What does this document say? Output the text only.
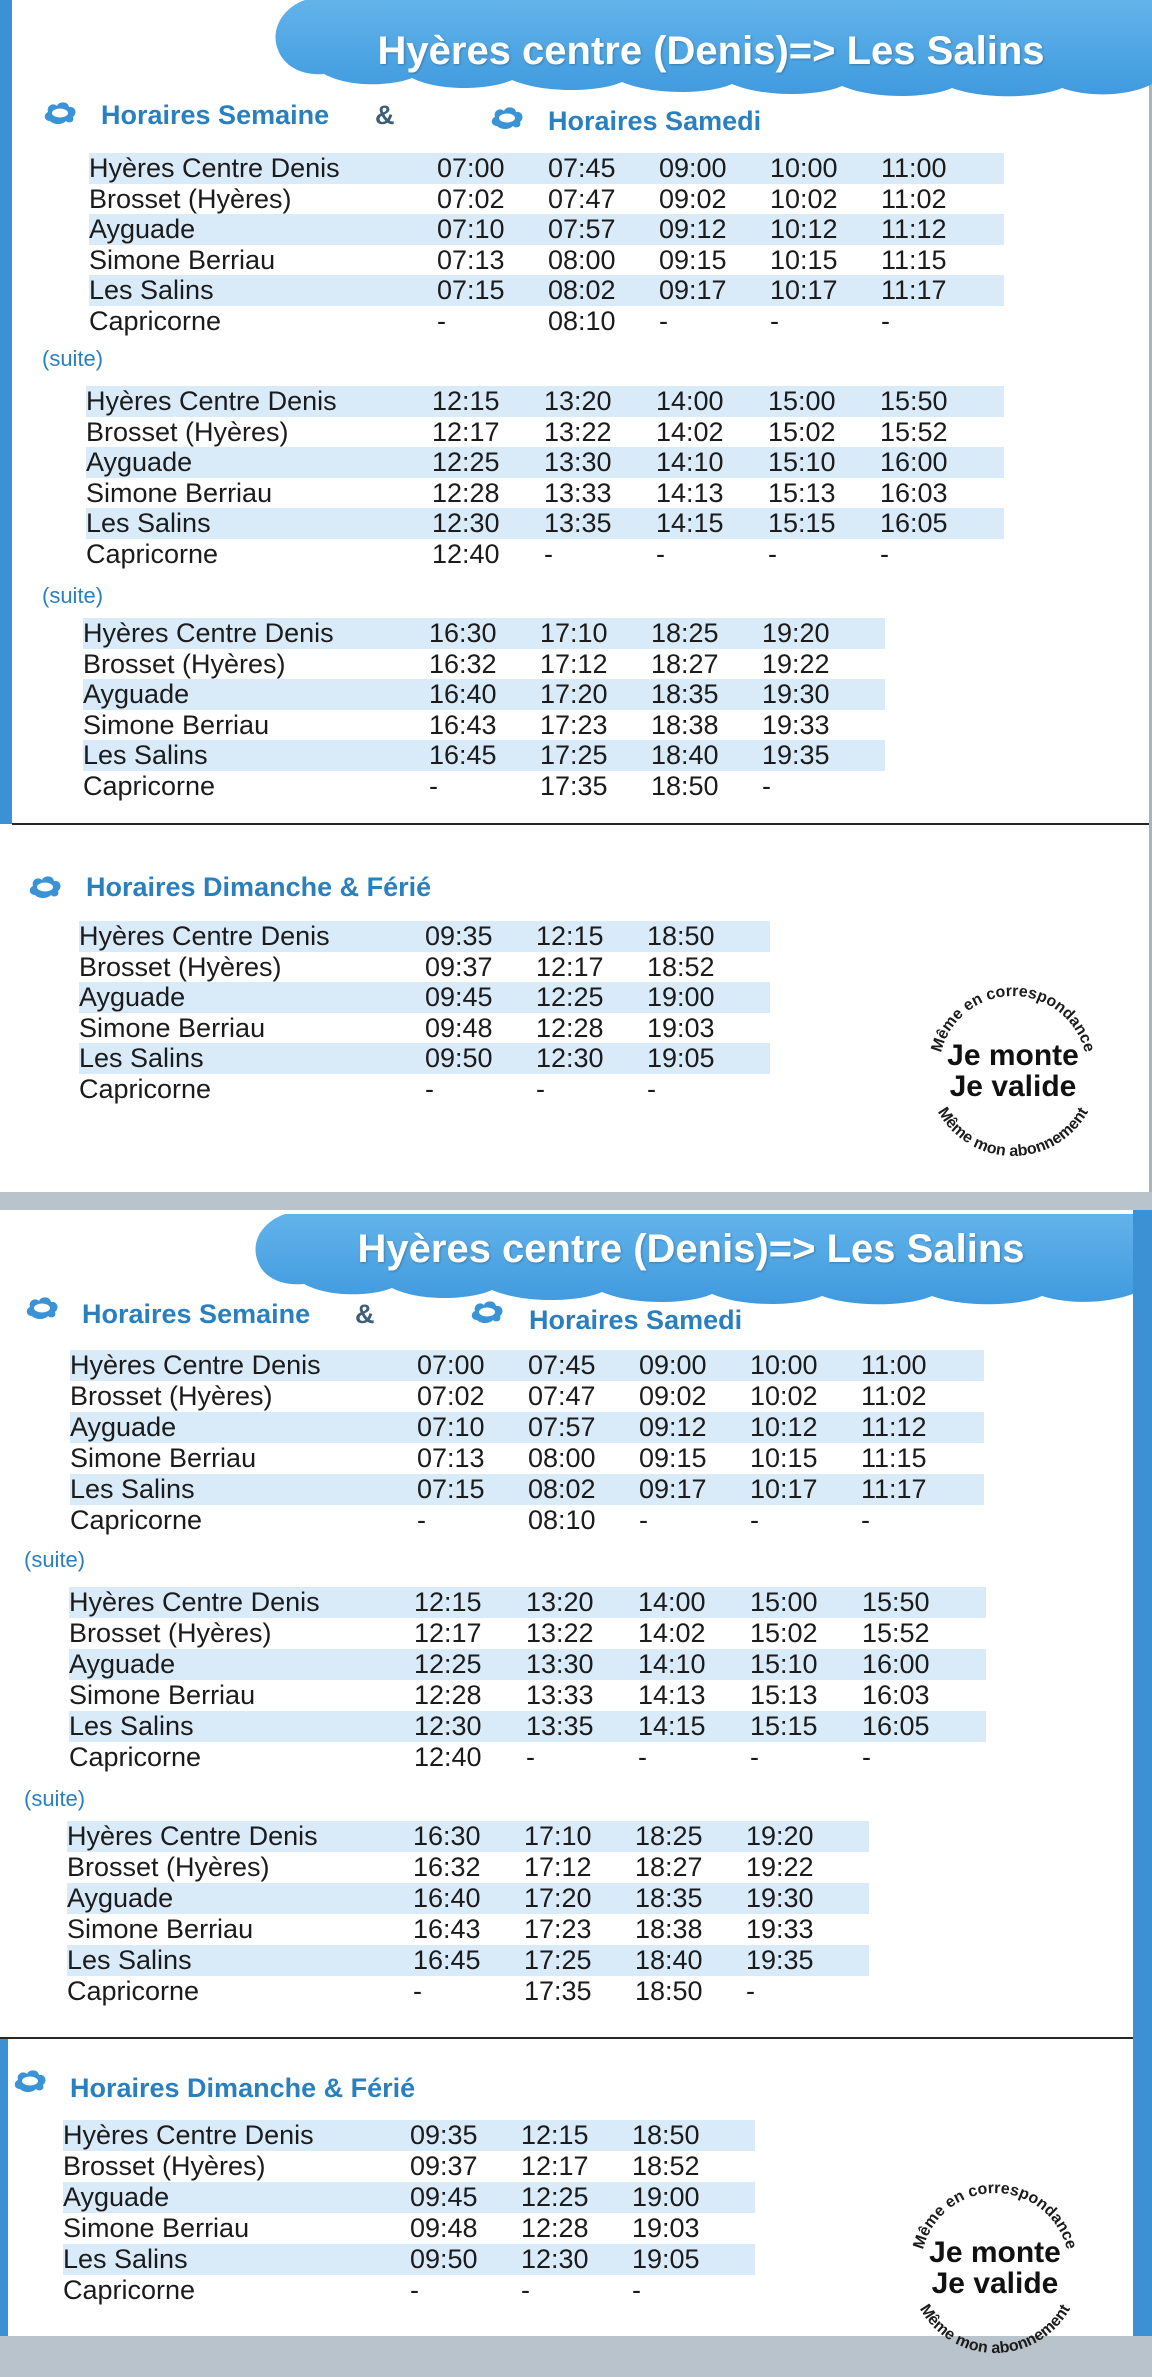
Hyères centre (Denis)=> Les Salins
Horaires Semaine &	Horaires Samedi
Hyères Centre Denis	07:00	07:45	09:00	10:00	11:00
Brosset (Hyères)	07:02	07:47	09:02	10:02	11:02
Ayguade	07:10	07:57	09:12	10:12	11:12
Simone Berriau	07:13	08:00	09:15	10:15	11:15
Les Salins	07:15	08:02	09:17	10:17	11:17
Capricorne	-	08:10	-	-	-
(suite)
Hyères Centre Denis	12:15	13:20	14:00	15:00	15:50
Brosset (Hyères)	12:17	13:22	14:02	15:02	15:52
Ayguade	12:25	13:30	14:10	15:10	16:00
Simone Berriau	12:28	13:33	14:13	15:13	16:03
Les Salins	12:30	13:35	14:15	15:15	16:05
Capricorne	12:40	-	-	-	-
(suite)
Hyères Centre Denis	16:30	17:10	18:25	19:20
Brosset (Hyères)	16:32	17:12	18:27	19:22
Ayguade	16:40	17:20	18:35	19:30
Simone Berriau	16:43	17:23	18:38	19:33
Les Salins	16:45	17:25	18:40	19:35
Capricorne	-	17:35	18:50	-
Horaires Dimanche & Férié
Hyères Centre Denis	09:35	12:15	18:50
Brosset (Hyères)	09:37	12:17	18:52
Ayguade	09:45	12:25	19:00
Simone Berriau	09:48	12:28	19:03
Les Salins	09:50	12:30	19:05
Capricorne	-	-	-
Même en correspondance
Même mon abonnement
Je monte
Je valide
Hyères centre (Denis)=> Les Salins
Horaires Semaine &	Horaires Samedi
Hyères Centre Denis	07:00	07:45	09:00	10:00	11:00
Brosset (Hyères)	07:02	07:47	09:02	10:02	11:02
Ayguade	07:10	07:57	09:12	10:12	11:12
Simone Berriau	07:13	08:00	09:15	10:15	11:15
Les Salins	07:15	08:02	09:17	10:17	11:17
Capricorne	-	08:10	-	-	-
(suite)
Hyères Centre Denis	12:15	13:20	14:00	15:00	15:50
Brosset (Hyères)	12:17	13:22	14:02	15:02	15:52
Ayguade	12:25	13:30	14:10	15:10	16:00
Simone Berriau	12:28	13:33	14:13	15:13	16:03
Les Salins	12:30	13:35	14:15	15:15	16:05
Capricorne	12:40	-	-	-	-
(suite)
Hyères Centre Denis	16:30	17:10	18:25	19:20
Brosset (Hyères)	16:32	17:12	18:27	19:22
Ayguade	16:40	17:20	18:35	19:30
Simone Berriau	16:43	17:23	18:38	19:33
Les Salins	16:45	17:25	18:40	19:35
Capricorne	-	17:35	18:50	-
Horaires Dimanche & Férié
Hyères Centre Denis	09:35	12:15	18:50
Brosset (Hyères)	09:37	12:17	18:52
Ayguade	09:45	12:25	19:00
Simone Berriau	09:48	12:28	19:03
Les Salins	09:50	12:30	19:05
Capricorne	-	-	-
Même en correspondance
Même mon abonnement
Je monte
Je valide
